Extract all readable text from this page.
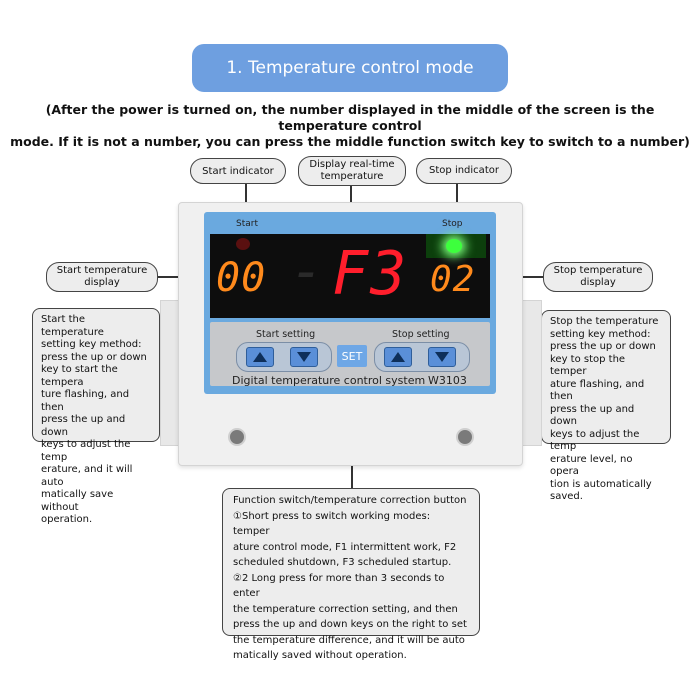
1. Temperature control mode
(After the power is turned on, the number displayed in the middle of the screen is the temperature control
mode. If it is not a number, you can press the middle function switch key to switch to a number)
Start indicator
Display real-time
temperature
Stop indicator
Start temperature
display
Stop temperature
display
Start the temperature
setting key method:
press the up or down
key to start the tempera
ture flashing, and then
press the up and down
keys to adjust the temp
erature, and it will auto
matically save without
operation.
Stop the temperature
setting key method:
press the up or down
key to stop the temper
ature flashing, and then
press the up and down
keys to adjust the temp
erature level, no opera
tion is automatically
saved.
Start	Stop
00 - F3 02
Start setting	Stop setting
SET
Digital temperature control system W3103
Function switch/temperature correction button
①Short press to switch working modes: temper
ature control mode, F1 intermittent work, F2
scheduled shutdown, F3 scheduled startup.
②2 Long press for more than 3 seconds to enter
the temperature correction setting, and then
press the up and down keys on the right to set
the temperature difference, and it will be auto
matically saved without operation.
